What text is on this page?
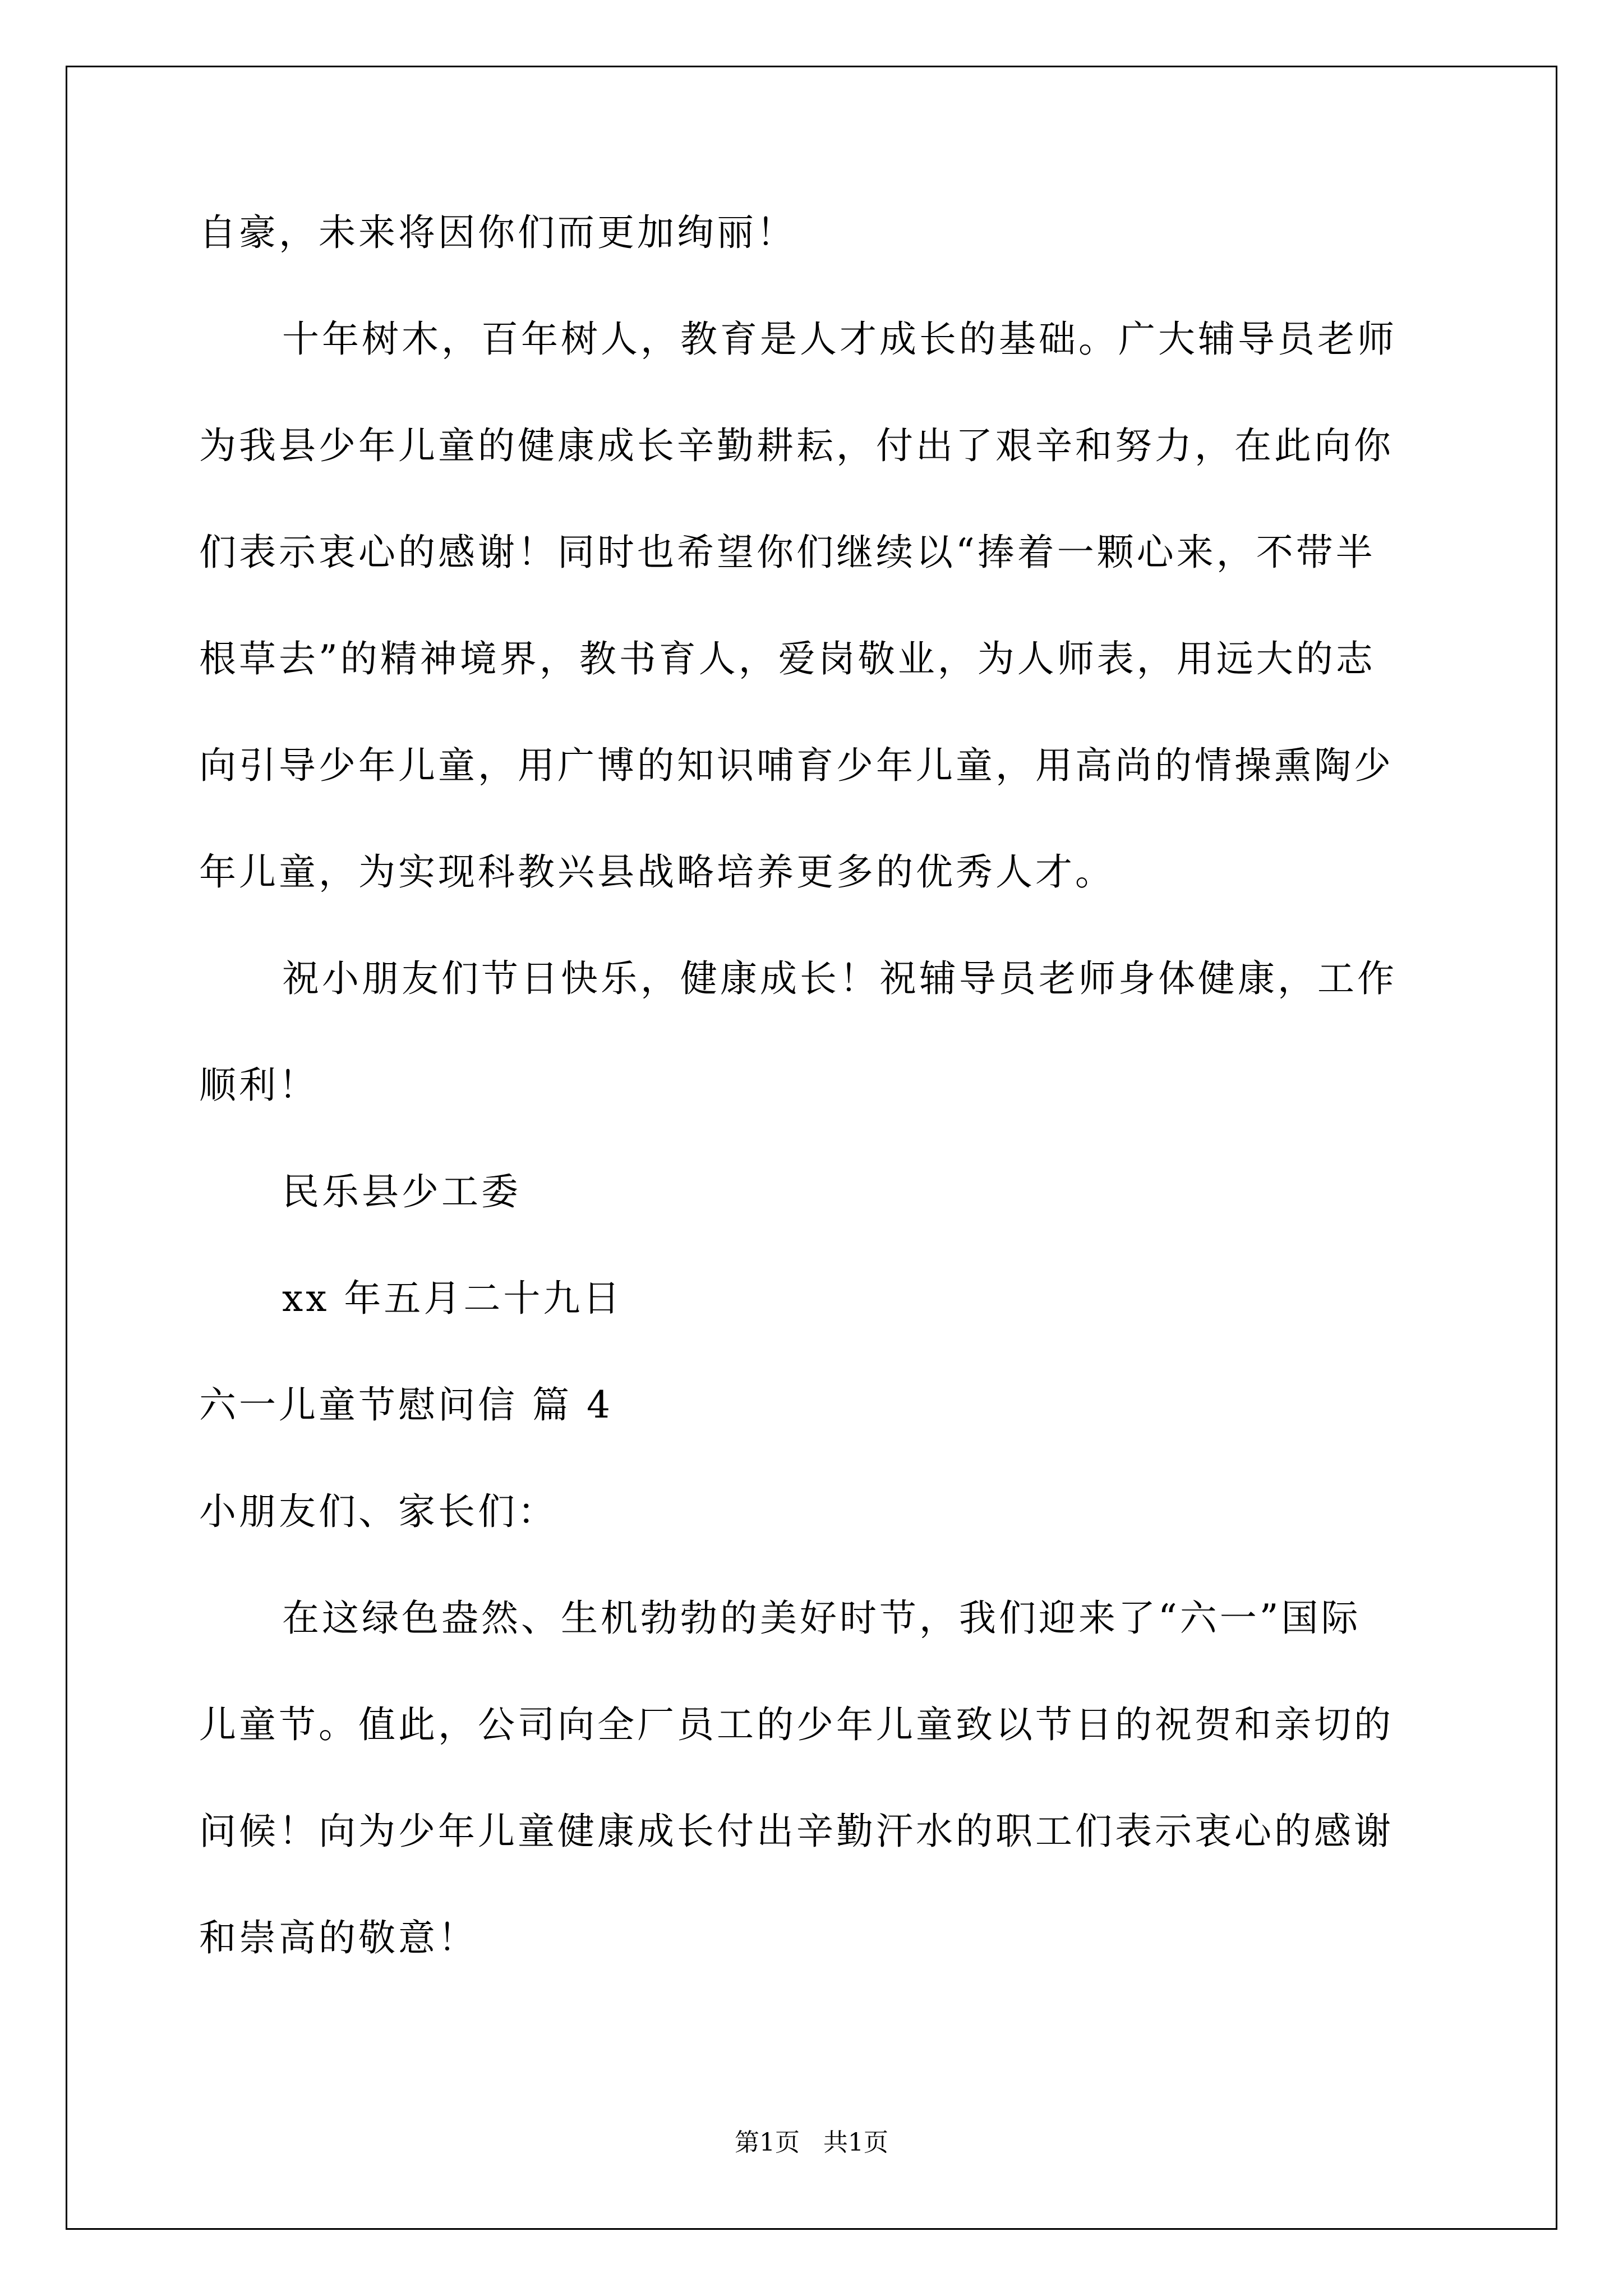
自豪，未来将因你们而更加绚丽！
十年树木，百年树人，教育是人才成长的基础。广大辅导员老师
为我县少年儿童的健康成长辛勤耕耘，付出了艰辛和努力，在此向你
们表示衷心的感谢！同时也希望你们继续以“捧着一颗心来，不带半
根草去”的精神境界，教书育人，爱岗敬业，为人师表，用远大的志
向引导少年儿童，用广博的知识哺育少年儿童，用高尚的情操熏陶少
年儿童，为实现科教兴县战略培养更多的优秀人才。
祝小朋友们节日快乐，健康成长！祝辅导员老师身体健康，工作
顺利！
民乐县少工委
xx 年五月二十九日
六一儿童节慰问信 篇 4
小朋友们、家长们：
在这绿色盎然、生机勃勃的美好时节，我们迎来了“六一”国际
儿童节。值此，公司向全厂员工的少年儿童致以节日的祝贺和亲切的
问候！向为少年儿童健康成长付出辛勤汗水的职工们表示衷心的感谢
和崇高的敬意！
第1页   共1页
